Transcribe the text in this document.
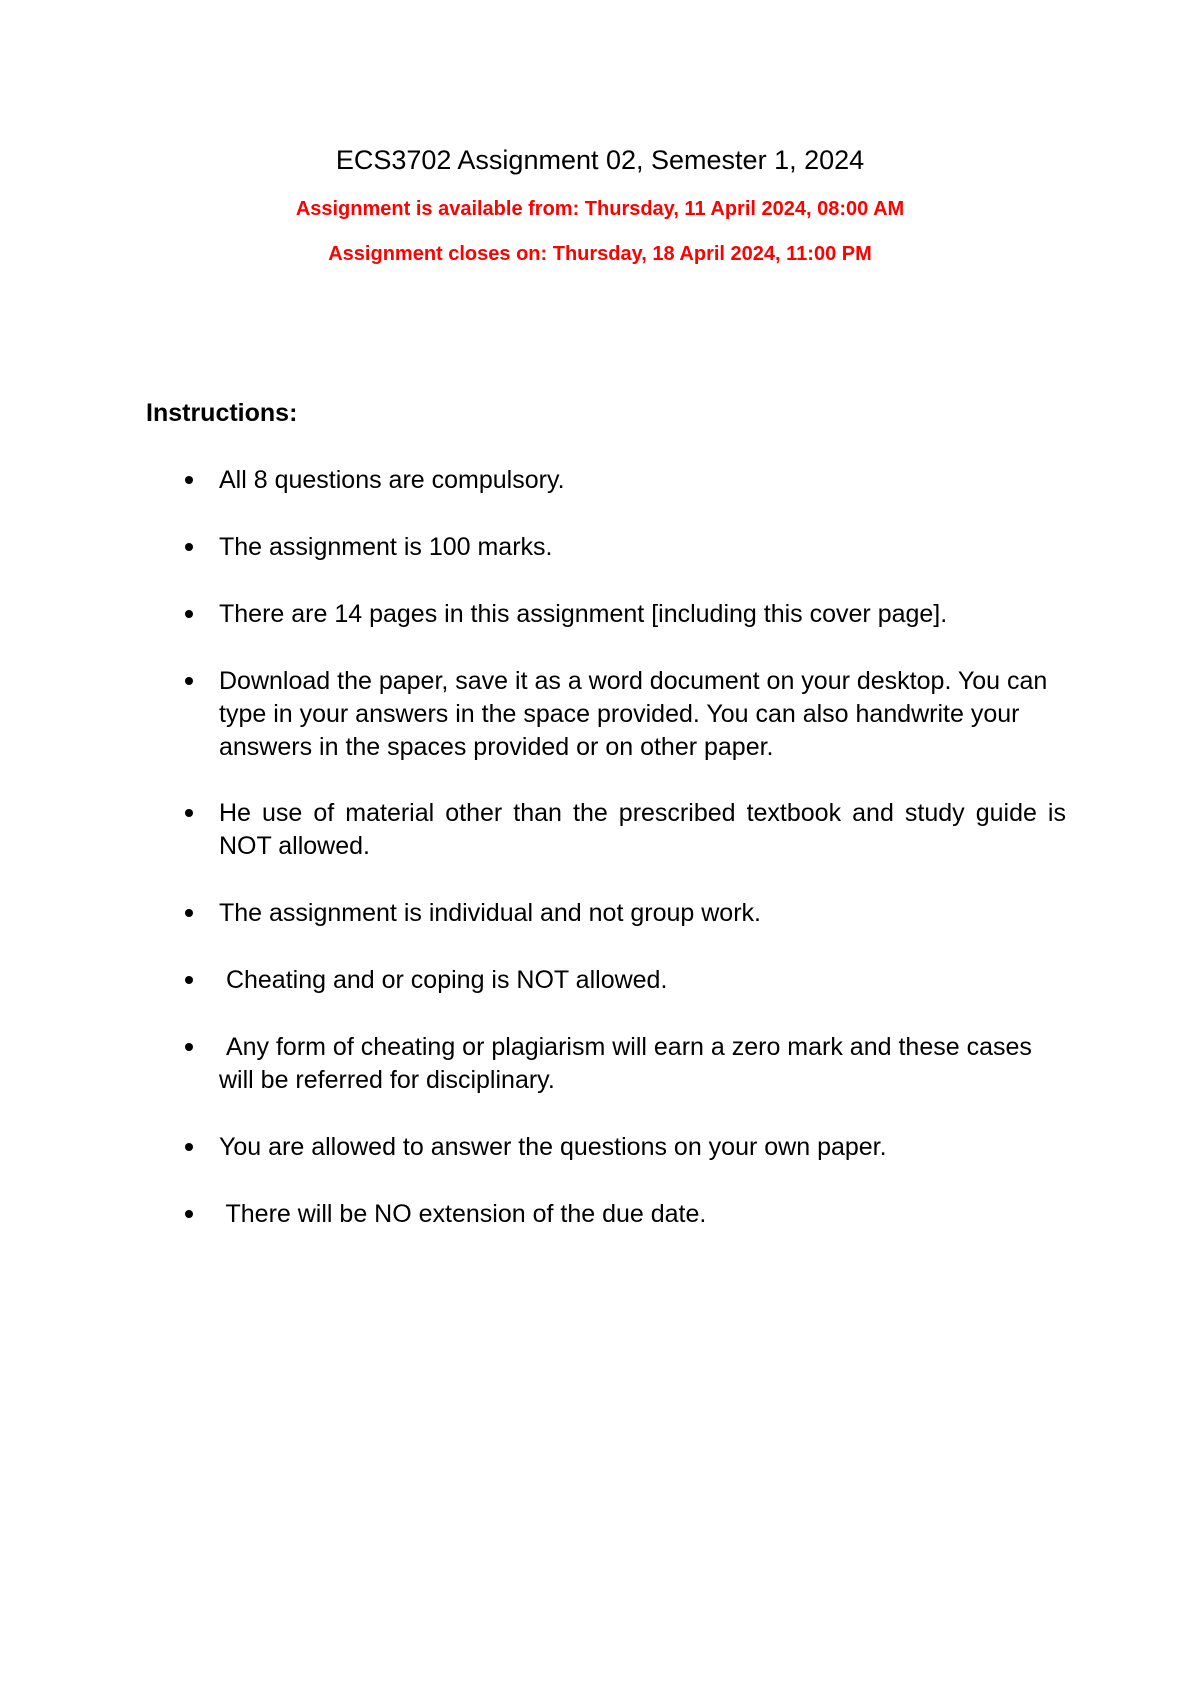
ECS3702 Assignment 02, Semester 1, 2024
Assignment is available from: Thursday, 11 April 2024, 08:00 AM
Assignment closes on: Thursday, 18 April 2024, 11:00 PM
Instructions:
All 8 questions are compulsory.
The assignment is 100 marks.
There are 14 pages in this assignment [including this cover page].
Download the paper, save it as a word document on your desktop. You can type in your answers in the space provided. You can also handwrite your answers in the spaces provided or on other paper.
He use of material other than the prescribed textbook and study guide is NOT allowed.
The assignment is individual and not group work.
Cheating and or coping is NOT allowed.
Any form of cheating or plagiarism will earn a zero mark and these cases will be referred for disciplinary.
You are allowed to answer the questions on your own paper.
There will be NO extension of the due date.
